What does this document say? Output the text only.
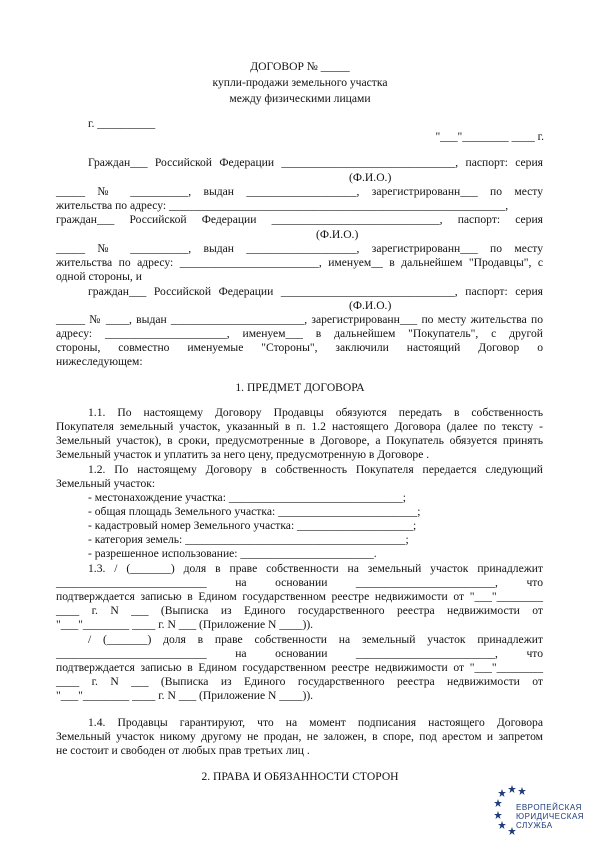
ДОГОВОР № _____
купли-продажи земельного участка
между физическими лицами
г. __________
"___"________ ____ г.
Граждан___ Российской Федерации ______________________________, паспорт: серия
(Ф.И.О.)
_____ № __________, выдан ___________________, зарегистрированн___ по месту
жительства по адресу: __________________________________________________________,
граждан___ Российской Федерации _____________________________, паспорт: серия
(Ф.И.О.)
_____ № __________, выдан ___________________, зарегистрированн___ по месту
жительства по адресу: ________________________, именуем__ в дальнейшем "Продавцы", с
одной стороны, и
граждан___ Российской Федерации ______________________________, паспорт: серия
(Ф.И.О.)
_____ № ____, выдан _______________________, зарегистрированн___ по месту жительства по
адресу: _____________________, именуем___ в дальнейшем "Покупатель", с другой
стороны, совместно именуемые "Стороны", заключили настоящий Договор о
нижеследующем:
1. ПРЕДМЕТ ДОГОВОРА
1.1. По настоящему Договору Продавцы обязуются передать в собственность
Покупателя земельный участок, указанный в п. 1.2 настоящего Договора (далее по тексту -
Земельный участок), в сроки, предусмотренные в Договоре, а Покупатель обязуется принять
Земельный участок и уплатить за него цену, предусмотренную в Договоре .
1.2. По настоящему Договору в собственность Покупателя передается следующий
Земельный участок:
- местонахождение участка: ______________________________;
- общая площадь Земельного участка: ________________________;
- кадастровый номер Земельного участка: ____________________;
- категория земель: ______________________________________;
- разрешенное использование: _______________________.
1.3. / (_______) доля в праве собственности на земельный участок принадлежит
__________________________ на основании ________________________, что
подтверждается записью в Едином государственном реестре недвижимости от "___"________
____ г. N ___ (Выписка из Единого государственного реестра недвижимости от
"___"________ ____ г. N ___ (Приложение N ____)).
/ (_______) доля в праве собственности на земельный участок принадлежит
__________________________ на основании ________________________, что
подтверждается записью в Едином государственном реестре недвижимости от "___"________
____ г. N ___ (Выписка из Единого государственного реестра недвижимости от
"___"________ ____ г. N ___ (Приложение N ____)).
1.4. Продавцы гарантируют, что на момент подписания настоящего Договора
Земельный участок никому другому не продан, не заложен, в споре, под арестом и запретом
не состоит и свободен от любых прав третьих лиц .
2. ПРАВА И ОБЯЗАННОСТИ СТОРОН
ЕВРОПЕЙСКАЯ
ЮРИДИЧЕСКАЯ
СЛУЖБА
